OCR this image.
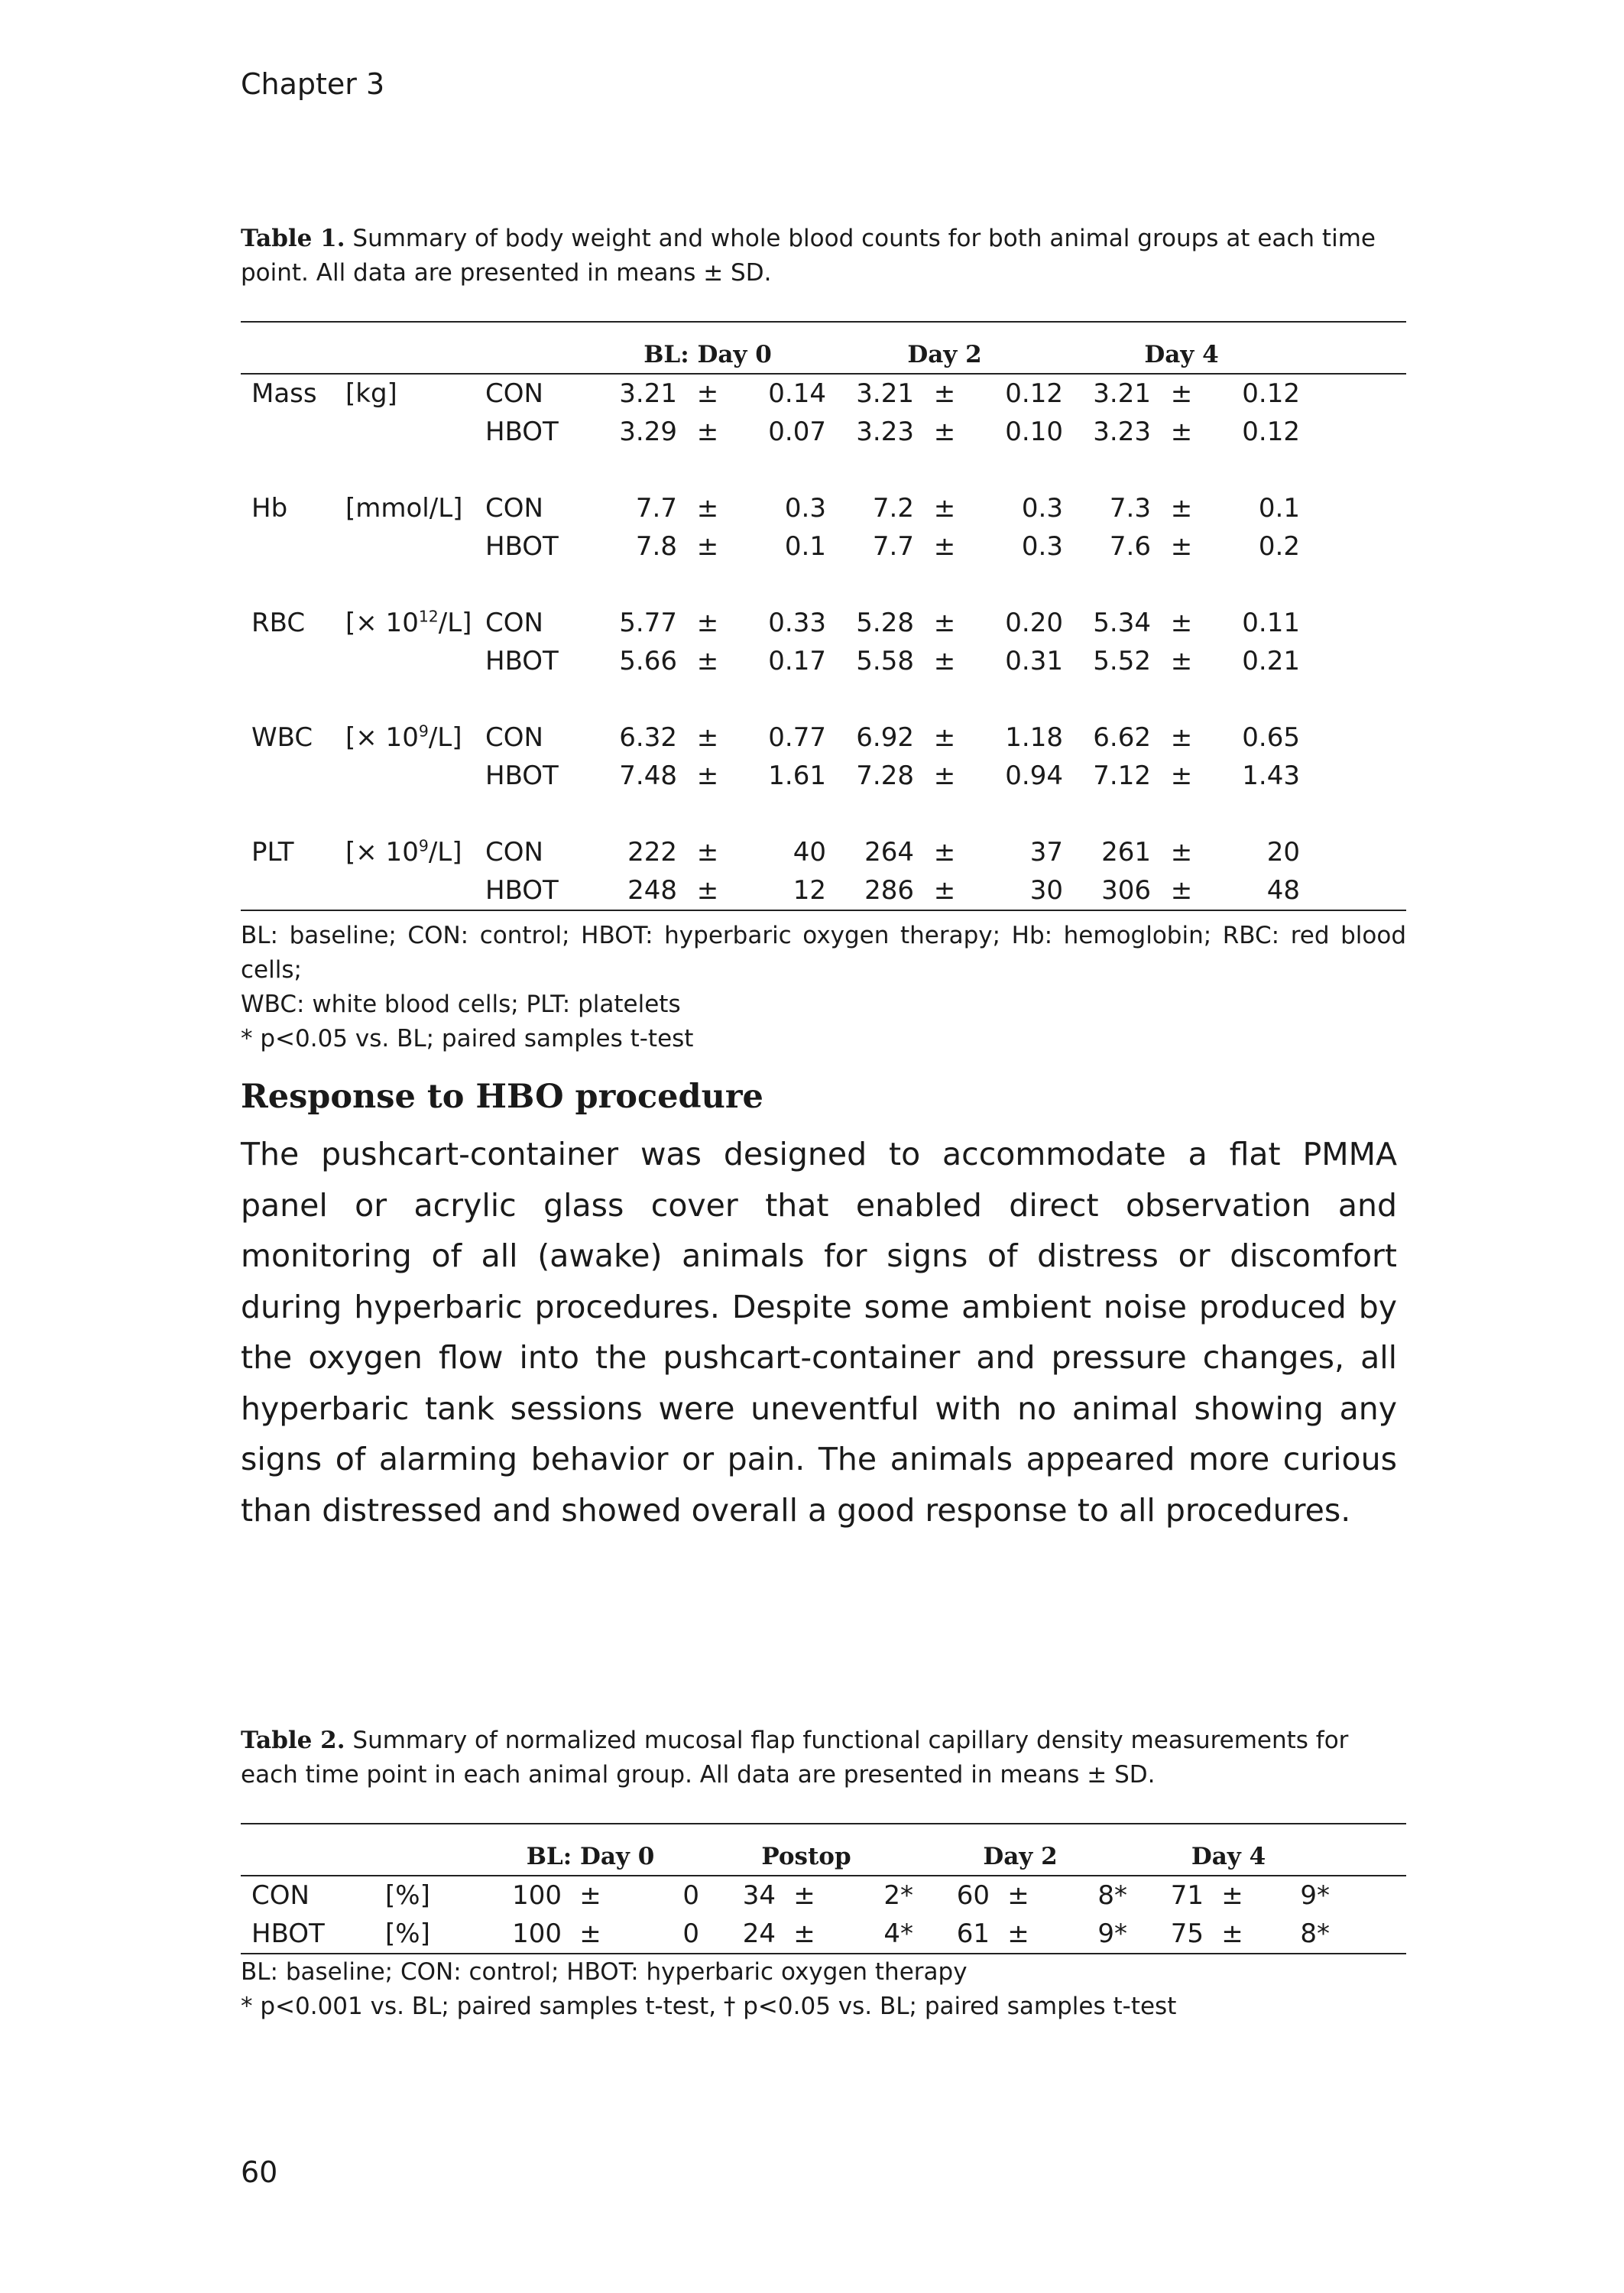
Chapter 3
Table 1. Summary of body weight and whole blood counts for both animal groups at each time point. All data are presented in means ± SD.
			BL: Day 0			Day 2			Day 4			
Mass	[kg]	CON	3.21	±	0.14	3.21	±	0.12	3.21	±	0.12	
		HBOT	3.29	±	0.07	3.23	±	0.10	3.23	±	0.12	

Hb	[mmol/L]	CON	7.7	±	0.3	7.2	±	0.3	7.3	±	0.1	
		HBOT	7.8	±	0.1	7.7	±	0.3	7.6	±	0.2	

RBC	[× $10^{12}/L$]	CON	5.77	±	0.33	5.28	±	0.20	5.34	±	0.11	
		HBOT	5.66	±	0.17	5.58	±	0.31	5.52	±	0.21	

WBC	[× $10^9/L$]	CON	6.32	±	0.77	6.92	±	1.18	6.62	±	0.65	
		HBOT	7.48	±	1.61	7.28	±	0.94	7.12	±	1.43	

PLT	[× $10^9/L$]	CON	222	±	40	264	±	37	261	±	20	
		HBOT	248	±	12	286	±	30	306	±	48	

BL: baseline; CON: control; HBOT: hyperbaric oxygen therapy; Hb: hemoglobin; RBC: red blood cells;

WBC: white blood cells; PLT: platelets

* p<0.05 vs. BL; paired samples t-test

Response to HBO procedure

The pushcart-container was designed to accommodate a flat PMMA panel or acrylic glass cover that enabled direct observation and monitoring of all (awake) animals for signs of distress or discomfort during hyperbaric procedures. Despite some ambient noise produced by the oxygen flow into the pushcart-container and pressure changes, all hyperbaric tank sessions were uneventful with no animal showing any signs of alarming behavior or pain. The animals appeared more curious than distressed and showed overall a good response to all procedures.

Table 2. Summary of normalized mucosal flap functional capillary density measurements for each time point in each animal group. All data are presented in means ± SD.
		BL: Day 0			Postop			Day 2			Day 4			
CON	[%]	100	±	0	34	±	2*	60	±	8*	71	±	9*	
HBOT	[%]	100	±	0	24	±	4*	61	±	9*	75	±	8*	

BL: baseline; CON: control; HBOT: hyperbaric oxygen therapy

* p<0.001 vs. BL; paired samples t-test, † p<0.05 vs. BL; paired samples t-test

60
